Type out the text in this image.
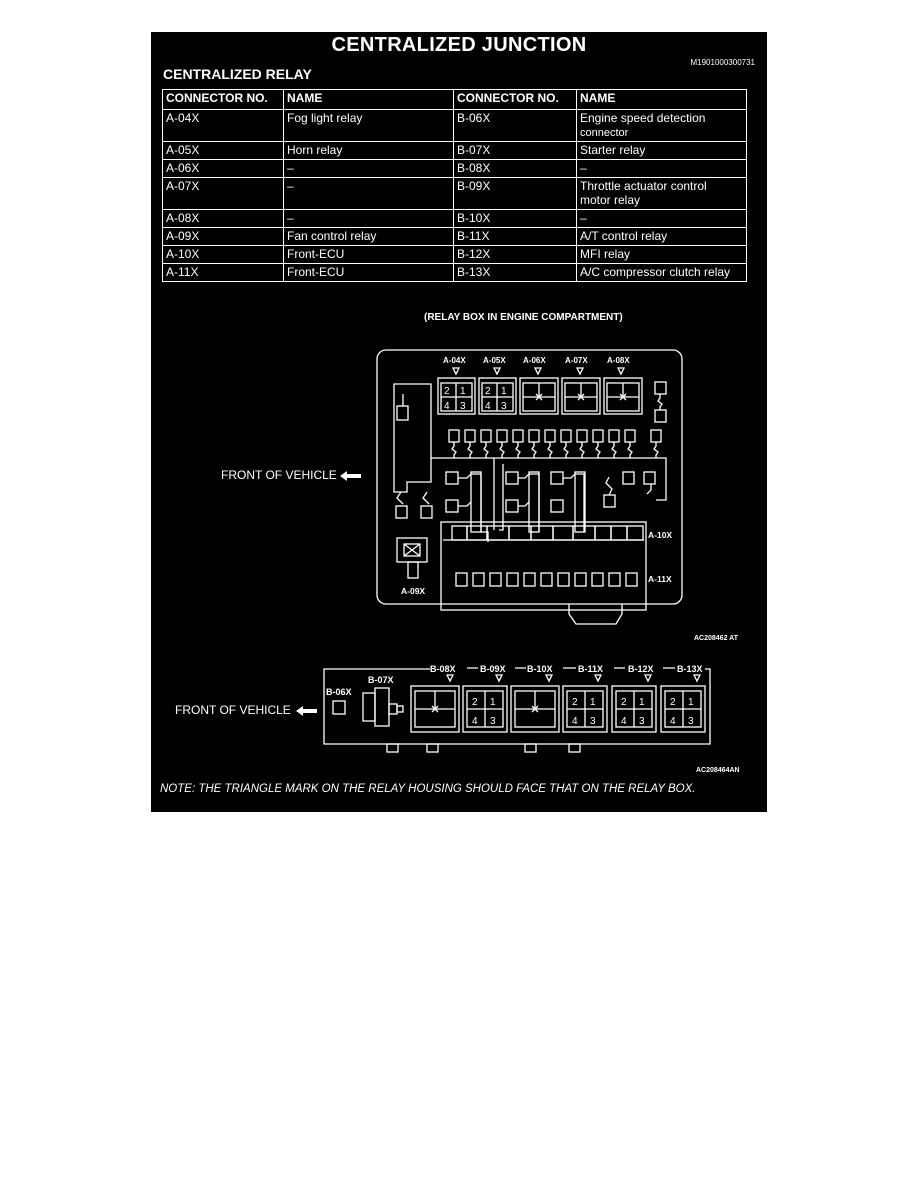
CENTRALIZED JUNCTION
M1901000300731
CENTRALIZED RELAY
CONNECTOR NO.	NAME	CONNECTOR NO.	NAME
A-04X	Fog light relay	B-06X	Engine speed detection
connector
A-05X	Horn relay	B-07X	Starter relay
A-06X	–	B-08X	–
A-07X	–	B-09X	Throttle actuator control
motor relay
A-08X	–	B-10X	–
A-09X	Fan control relay	B-11X	A/T control relay
A-10X	Front-ECU	B-12X	MFI relay
A-11X	Front-ECU	B-13X	A/C compressor clutch relay
(RELAY BOX IN ENGINE COMPARTMENT)
A-04X A-05X A-06X A-07X A-08X
2 1
4 3
2 1
4 3
A-10X
A-11X
A-09X
FRONT OF VEHICLE
AC208462 AT
B-08X	B-09X B-10X	B-11X	B-12X	B-13X
2 1
4 3
2 1
4 3
2 1
4 3
2 1
4 3
B-06X
B-07X
FRONT OF VEHICLE
AC208464AN
NOTE: THE TRIANGLE MARK ON THE RELAY HOUSING SHOULD FACE THAT ON THE RELAY BOX.
